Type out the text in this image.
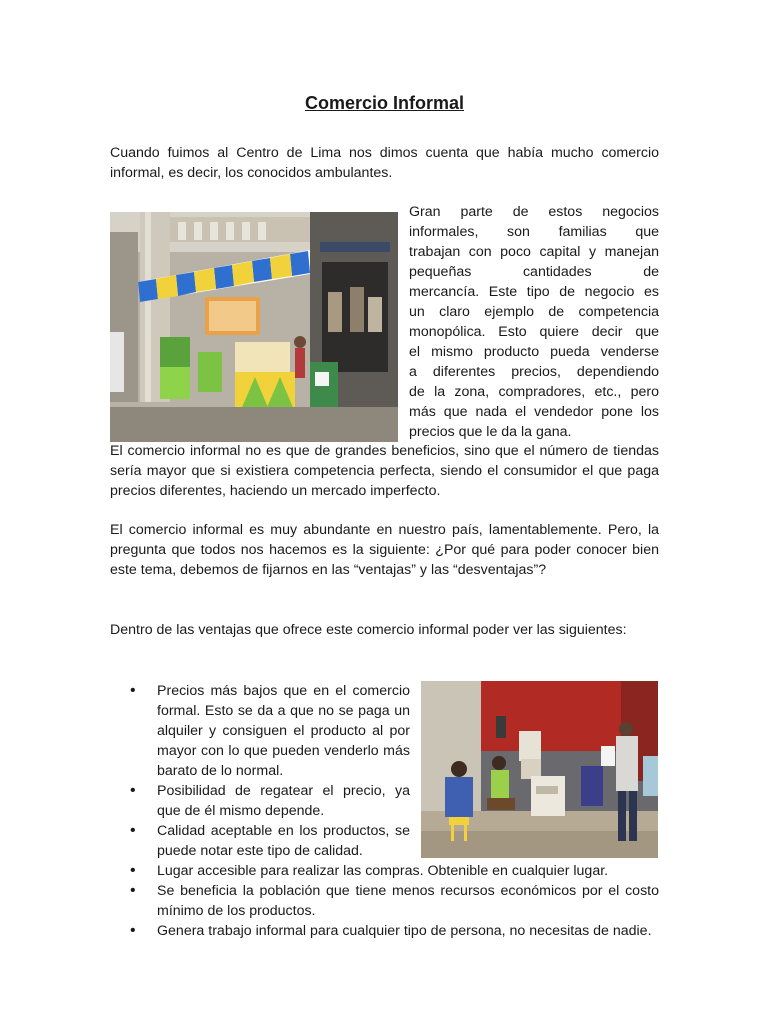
Comercio Informal

Cuando fuimos al Centro de Lima nos dimos cuenta que había mucho comercio informal, es decir, los conocidos ambulantes.

Gran parte de estos negocios
informales, son familias que
trabajan con poco capital y manejan
pequeñas cantidades de
mercancía. Este tipo de negocio es
un claro ejemplo de competencia
monopólica. Esto quiere decir que
el mismo producto pueda venderse
a diferentes precios, dependiendo
de la zona, compradores, etc., pero
más que nada el vendedor pone los
precios que le da la gana.

El comercio informal no es que de grandes beneficios, sino que el número de tiendas sería mayor que si existiera competencia perfecta, siendo el consumidor el que paga precios diferentes, haciendo un mercado imperfecto.

El comercio informal es muy abundante en nuestro país, lamentablemente. Pero, la pregunta que todos nos hacemos es la siguiente: ¿Por qué para poder conocer bien este tema, debemos de fijarnos en las “ventajas” y las “desventajas”?

Dentro de las ventajas que ofrece este comercio informal poder ver las siguientes:

• Precios más bajos que en el comercio formal. Esto se da a que no se paga un alquiler y consiguen el producto al por mayor con lo que pueden venderlo más barato de lo normal.
• Posibilidad de regatear el precio, ya que de él mismo depende.
• Calidad aceptable en los productos, se puede notar este tipo de calidad.
• Lugar accesible para realizar las compras. Obtenible en cualquier lugar.
• Se beneficia la población que tiene menos recursos económicos por el costo mínimo de los productos.
• Genera trabajo informal para cualquier tipo de persona, no necesitas de nadie.
